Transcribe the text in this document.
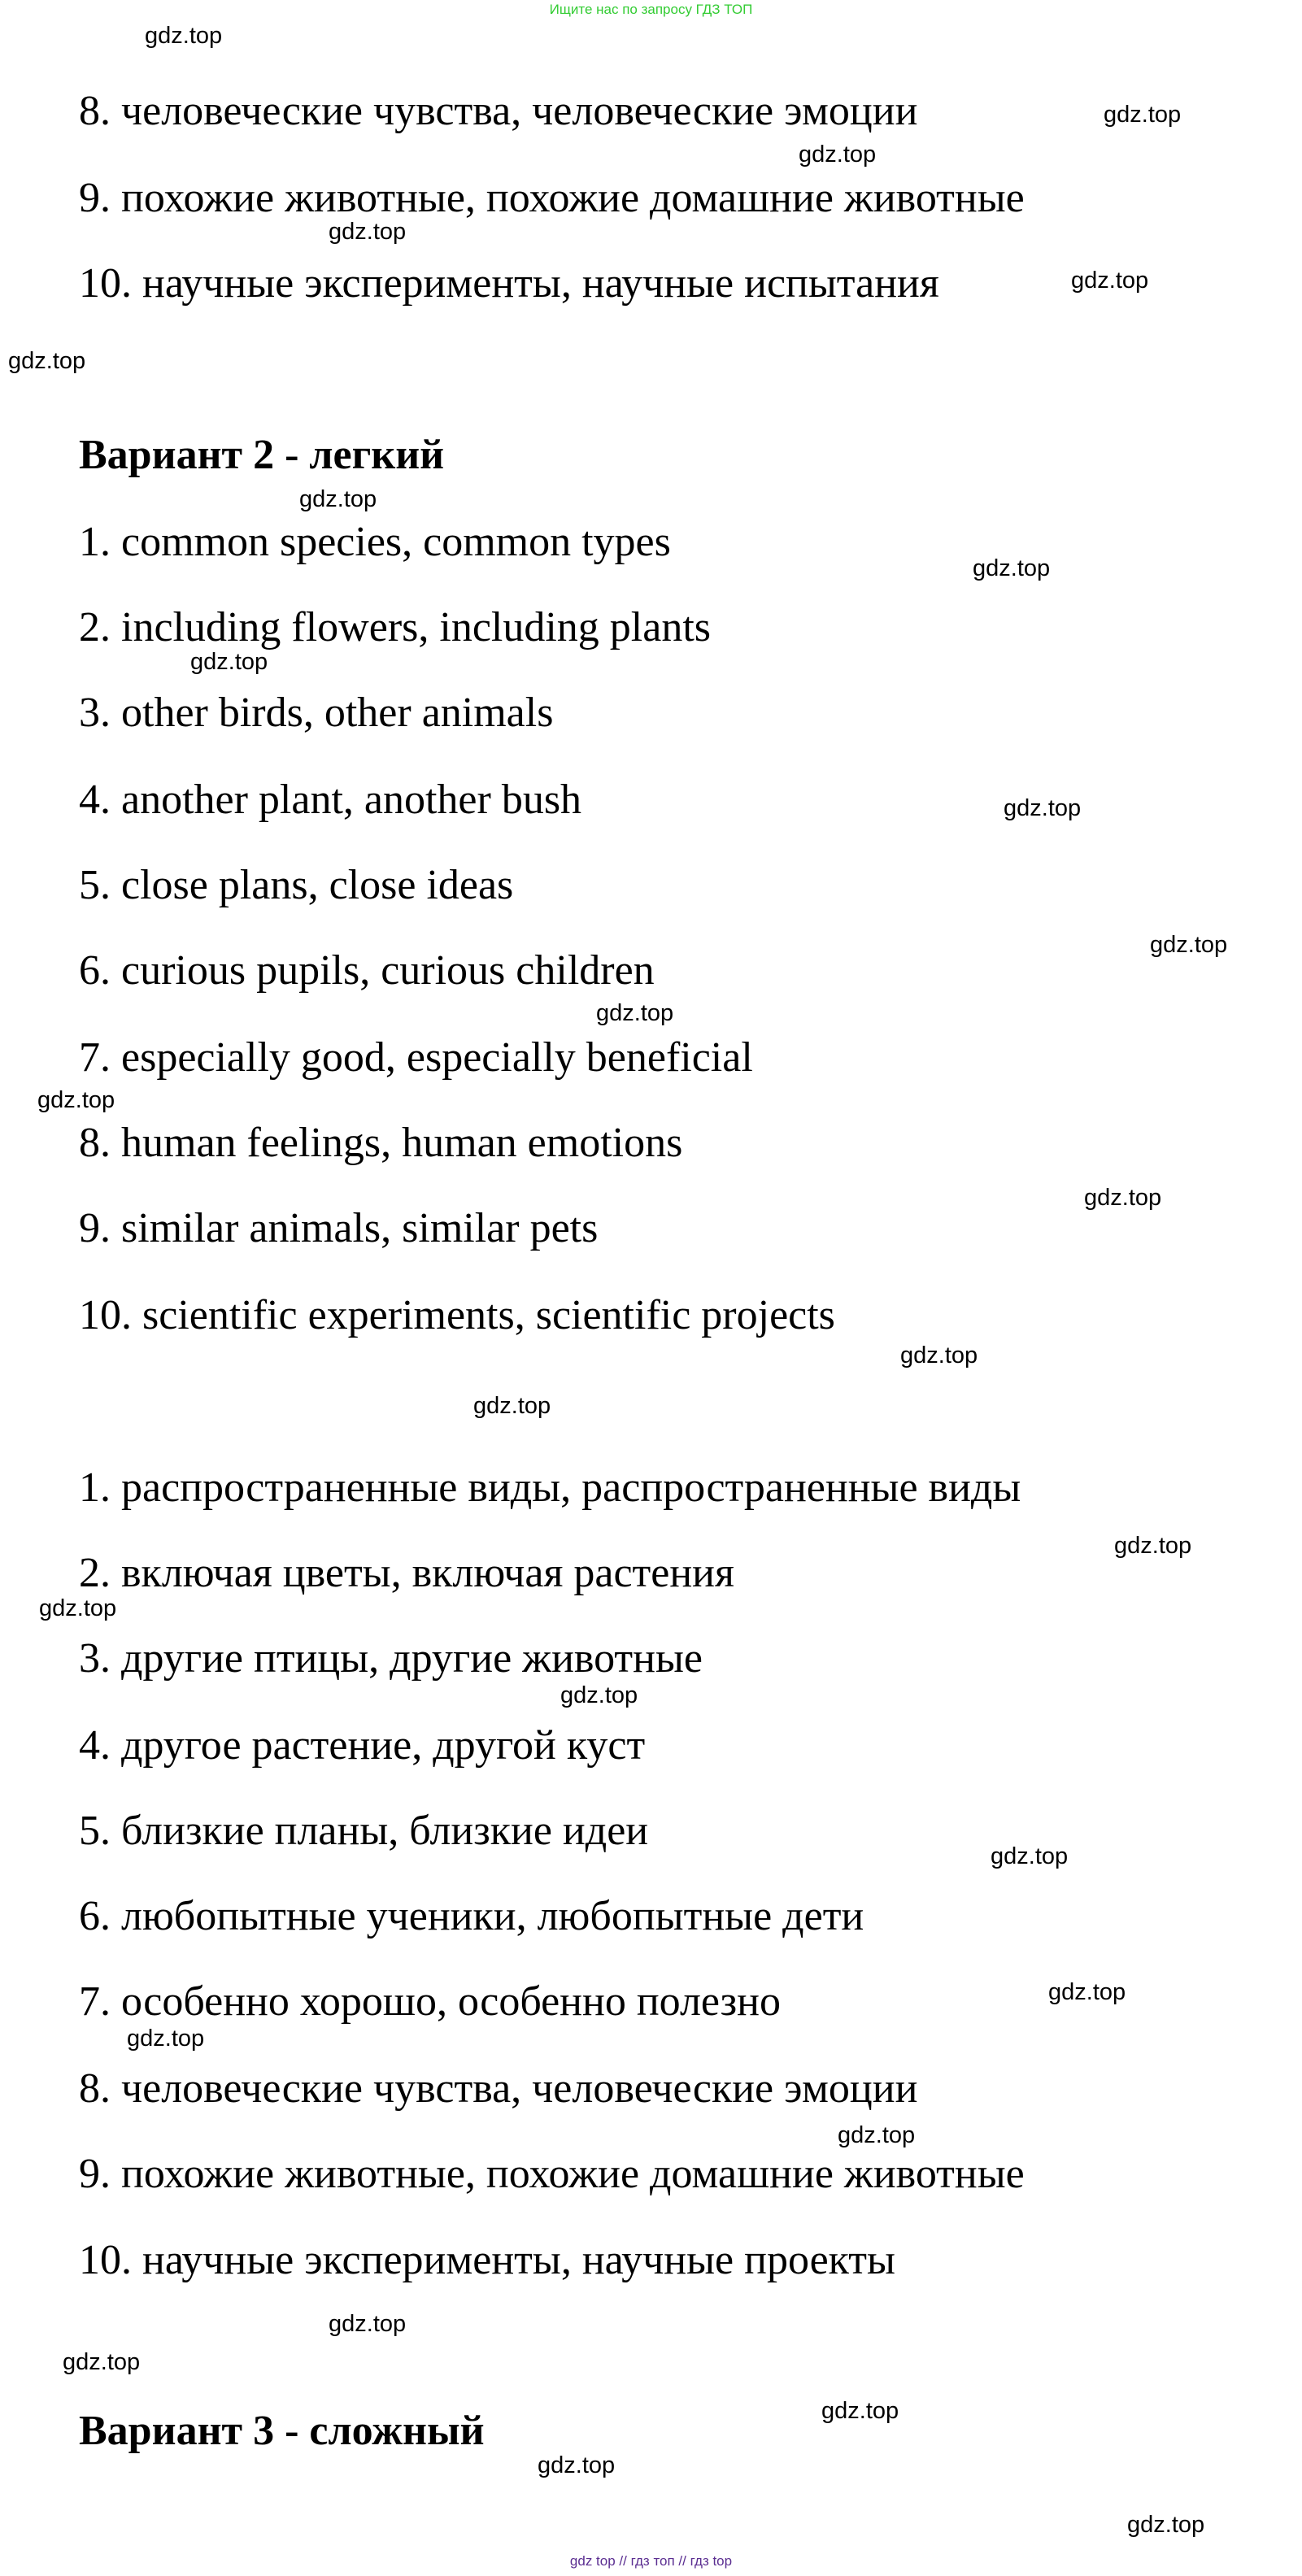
Ищите нас по запросу ГДЗ ТОП
8. человеческие чувства, человеческие эмоции
9. похожие животные, похожие домашние животные
10. научные эксперименты, научные испытания
Вариант 2 - легкий
1. common species, common types
2. including flowers, including plants
3. other birds, other animals
4. another plant, another bush
5. close plans, close ideas
6. curious pupils, curious children
7. especially good, especially beneficial
8. human feelings, human emotions
9. similar animals, similar pets
10. scientific experiments, scientific projects
1. распространенные виды, распространенные виды
2. включая цветы, включая растения
3. другие птицы, другие животные
4. другое растение, другой куст
5. близкие планы, близкие идеи
6. любопытные ученики, любопытные дети
7. особенно хорошо, особенно полезно
8. человеческие чувства, человеческие эмоции
9. похожие животные, похожие домашние животные
10. научные эксперименты, научные проекты
Вариант 3 - сложный
gdz.top
gdz.top
gdz.top
gdz.top
gdz.top
gdz.top
gdz.top
gdz.top
gdz.top
gdz.top
gdz.top
gdz.top
gdz.top
gdz.top
gdz.top
gdz.top
gdz.top
gdz.top
gdz.top
gdz.top
gdz.top
gdz.top
gdz.top
gdz.top
gdz.top
gdz.top
gdz.top
gdz.top
gdz top // гдз топ // гдз top
